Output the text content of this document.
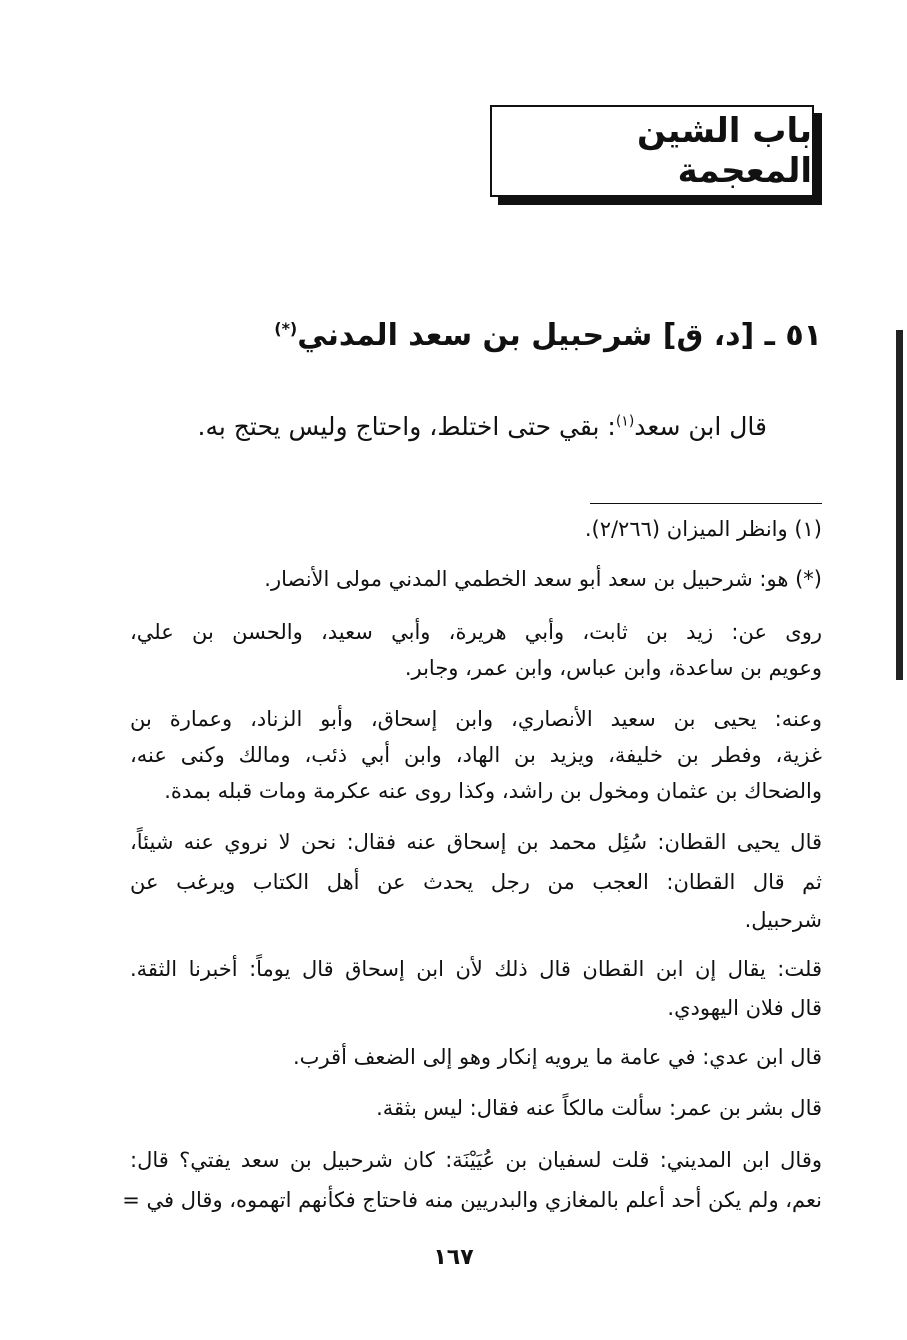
باب الشين المعجمة
٥١ ـ [د، ق] شرحبيل بن سعد المدني(*)
قال ابن سعد$^{(١)}$: بقي حتى اختلط، واحتاج وليس يحتج به.
(١) وانظر الميزان (٢/٢٦٦).
(*) هو: شرحبيل بن سعد أبو سعد الخطمي المدني مولى الأنصار.
روى عن: زيد بن ثابت، وأبي هريرة، وأبي سعيد، والحسن بن علي،
وعويم بن ساعدة، وابن عباس، وابن عمر، وجابر.
وعنه: يحيى بن سعيد الأنصاري، وابن إسحاق، وأبو الزناد، وعمارة بن
غزية، وفطر بن خليفة، ويزيد بن الهاد، وابن أبي ذئب، ومالك وكنى عنه،
والضحاك بن عثمان ومخول بن راشد، وكذا روى عنه عكرمة ومات قبله بمدة.
قال يحيى القطان: سُئِل محمد بن إسحاق عنه فقال: نحن لا نروي عنه شيئاً،
ثم قال القطان: العجب من رجل يحدث عن أهل الكتاب ويرغب عن
شرحبيل.
قلت: يقال إن ابن القطان قال ذلك لأن ابن إسحاق قال يوماً: أخبرنا الثقة.
قال فلان اليهودي.
قال ابن عدي: في عامة ما يرويه إنكار وهو إلى الضعف أقرب.
قال بشر بن عمر: سألت مالكاً عنه فقال: ليس بثقة.
وقال ابن المديني: قلت لسفيان بن عُيَيْنَة: كان شرحبيل بن سعد يفتي؟ قال:
نعم، ولم يكن أحد أعلم بالمغازي والبدريين منه فاحتاج فكأنهم اتهموه، وقال في =
١٦٧
